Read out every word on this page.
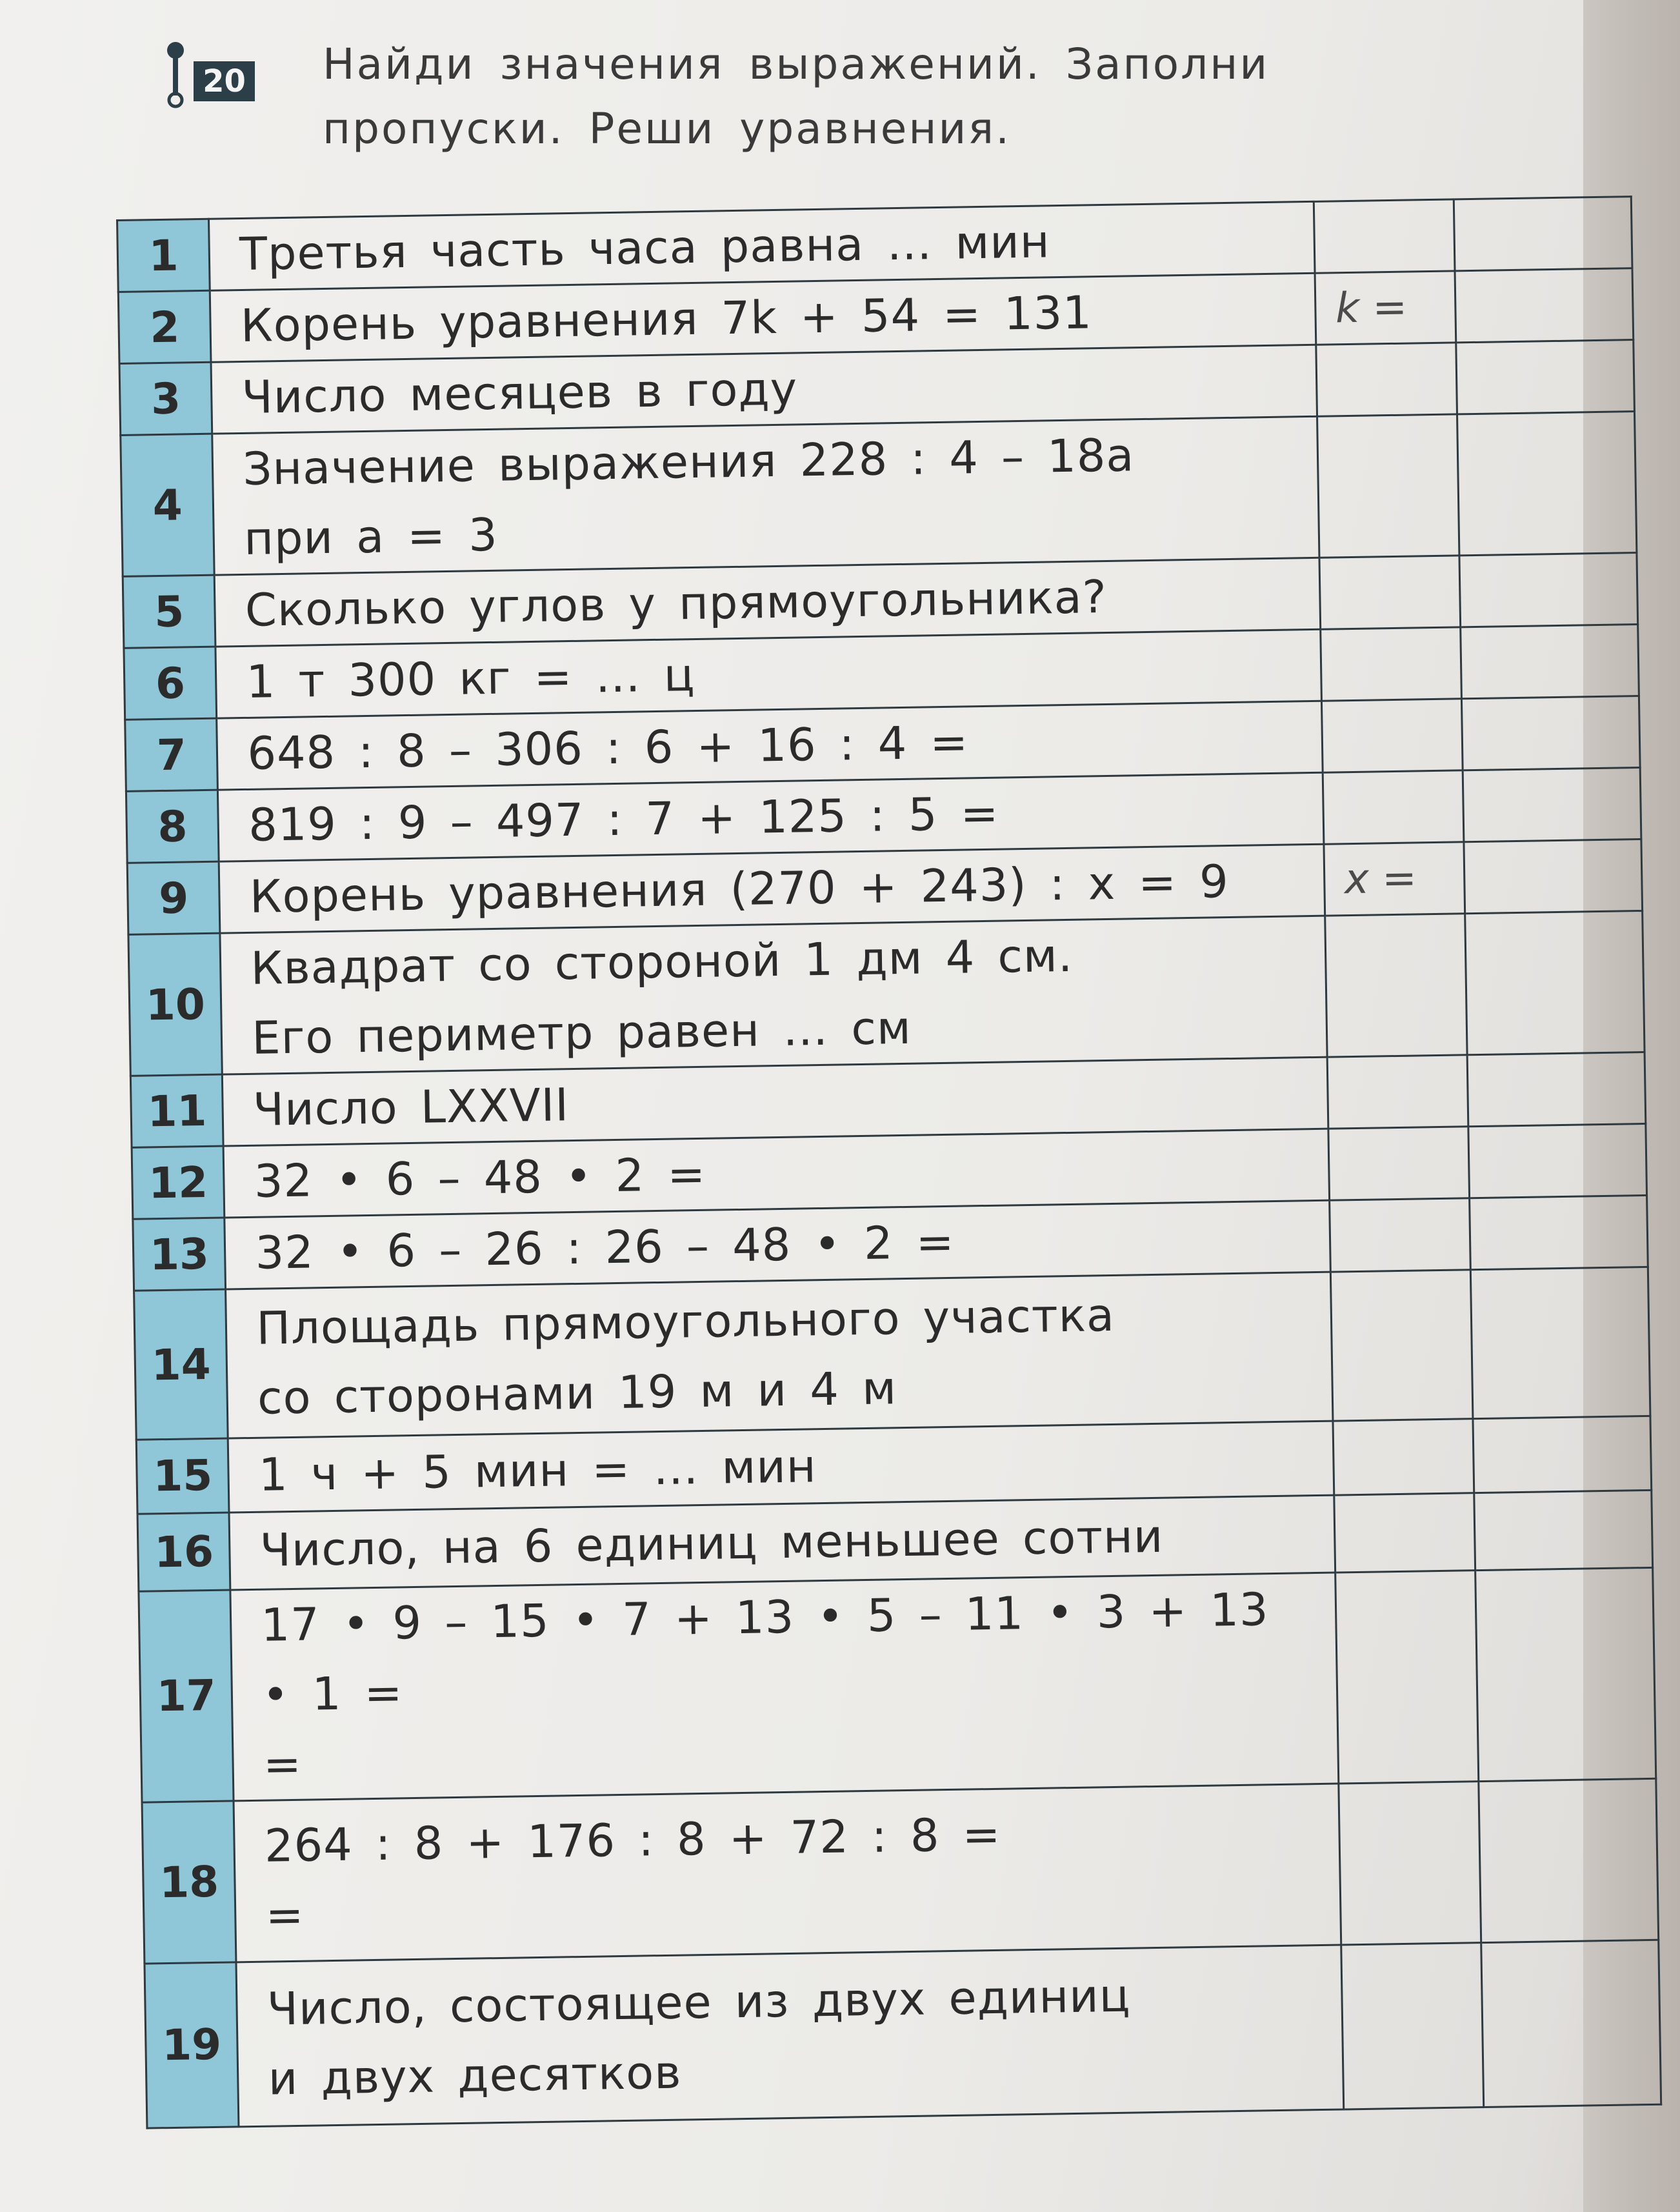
20 Найди значения выражений. Заполни пропуски. Реши уравнения.
1	Третья часть часа равна … мин		

2	Корень уравнения 7k + 54 = 131	k =	
3	Число месяцев в году		

4	Значение выражения 228 : 4 – 18a
при a = 3		

5	Сколько углов у прямоугольника?		

6	1 т 300 кг = … ц		

7	648 : 8 – 306 : 6 + 16 : 4 =		

8	819 : 9 – 497 : 7 + 125 : 5 =		

9	Корень уравнения (270 + 243) : x = 9	x =	
10	Квадрат со стороной 1 дм 4 см.
Его периметр равен … см		

11	Число LXXVII		

12	32 • 6 – 48 • 2 =		

13	32 • 6 – 26 : 26 – 48 • 2 =		

14	Площадь прямоугольного участка
со сторонами 19 м и 4 м		

15	1 ч + 5 мин = … мин		

16	Число, на 6 единиц меньшее сотни		

17	17 • 9 – 15 • 7 + 13 • 5 – 11 • 3 + 13 • 1 =
=		

18	264 : 8 + 176 : 8 + 72 : 8 =
=		

19	Число, состоящее из двух единиц
и двух десятков		
